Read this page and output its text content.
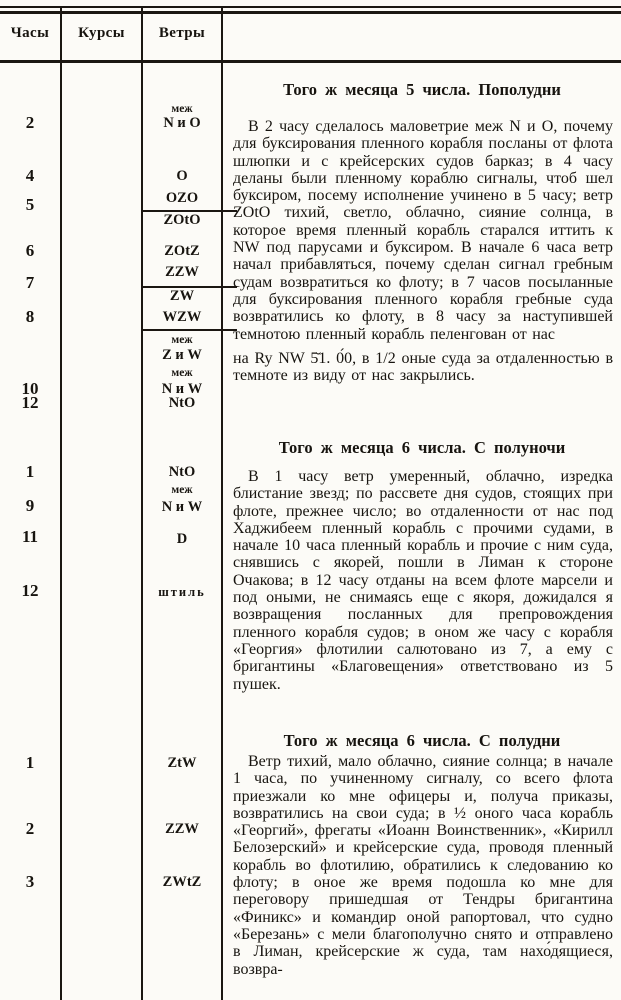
Часы	Курсы	Ветры
2
4
5
6
7
8
10
12
1
9
11
12
1
2
3
меж
N и O
O
OZO
ZOtO
ZOtZ
ZZW
ZW
WZW
меж
Z и W
меж
N и W
NtO
NtO
меж
N и W
D
штиль
ZtW
ZZW
ZWtZ
Того ж месяца 5 числа. Пополудни

В 2 часу сделалось маловетрие меж N и O, почему для буксирования пленного корабля посланы от флота шлюпки и с крейсерских судов барказ; в 4 часу деланы были пленному кораблю сигналы, чтоб шел буксиром, посему исполнение учинено в 5 часу; ветр ZOtO тихий, светло, облачно, сияние солнца, в которое время пленный корабль старался иттить к NW под парусами и буксиром. В начале 6 часа ветр начал прибавляться, почему сделан сигнал гребным судам возвратиться ко флоту; в 7 часов посыланные для буксирования пленного корабля гребные суда возвратились ко флоту, в 8 часу за наступившей темнотою пленный корабль пеленгован от нас

на Ry NW 5̆1. 0́0, в 1/2 оные суда за отдаленностью в темноте из виду от нас закрылись.

Того ж месяца 6 числа. С полуночи

В 1 часу ветр умеренный, облачно, изредка блистание звезд; по рассвете дня судов, стоящих при флоте, прежнее число; во отдаленности от нас под Хаджибеем пленный корабль с прочими судами, в начале 10 часа пленный корабль и прочие с ним суда, снявшись с якорей, пошли в Лиман к стороне Очакова; в 12 часу отданы на всем флоте марсели и под оными, не снимаясь еще с якоря, дожидался я возвращения посланных для препровождения пленного корабля судов; в оном же часу с корабля «Георгия» флотилии салютовано из 7, а ему с бригантины «Благовещения» ответствовано из 5 пушек.

Того ж месяца 6 числа. С полудни

Ветр тихий, мало облачно, сияние солнца; в начале 1 часа, по учиненному сигналу, со всего флота приезжали ко мне офицеры и, получа приказы, возвратились на свои суда; в ½ оного часа корабль «Георгий», фрегаты «Иоанн Воинственник», «Кирилл Белозерский» и крейсерские суда, проводя пленный корабль во флотилию, обратились к следованию ко флоту; в оное же время подошла ко мне для переговору пришедшая от Тендры бригантина «Финикс» и командир оной рапортовал, что судно «Березань» с мели благополучно снято и отправлено в Лиман, крейсерские ж суда, там нахо́дящиеся, возвра-
